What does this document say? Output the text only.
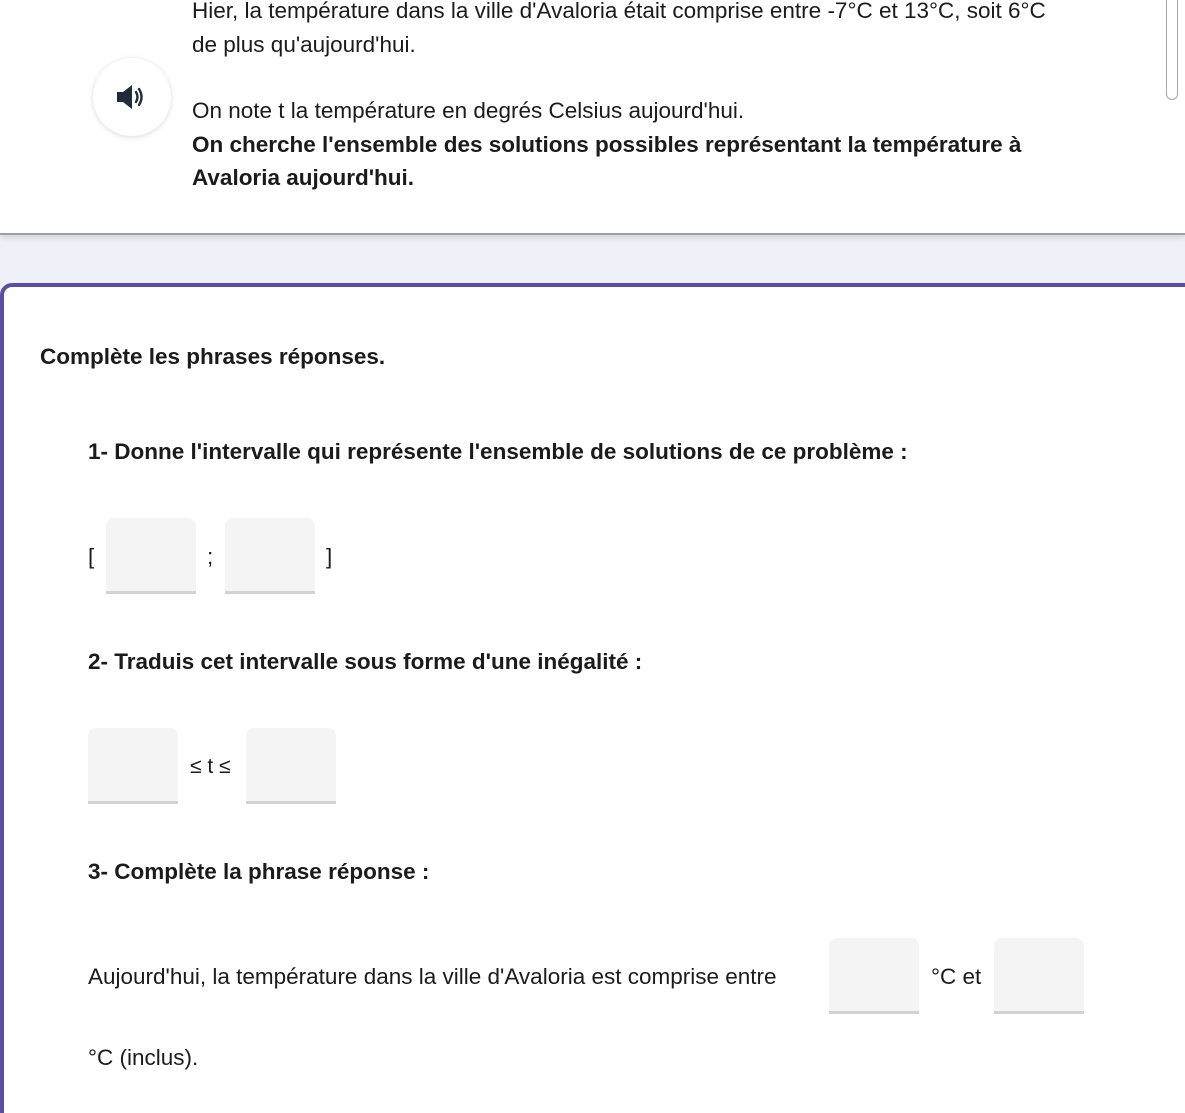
Hier, la température dans la ville d'Avaloria était comprise entre -7°C et 13°C, soit 6°C

de plus qu'aujourd'hui.

On note t la température en degrés Celsius aujourd'hui.

On cherche l'ensemble des solutions possibles représentant la température à

Avaloria aujourd'hui.

Complète les phrases réponses.
1- Donne l'intervalle qui représente l'ensemble de solutions de ce problème :
[	;	]
2- Traduis cet intervalle sous forme d'une inégalité :
≤ t ≤
3- Complète la phrase réponse :
Aujourd'hui, la température dans la ville d'Avaloria est comprise entre	°C et
°C (inclus).
